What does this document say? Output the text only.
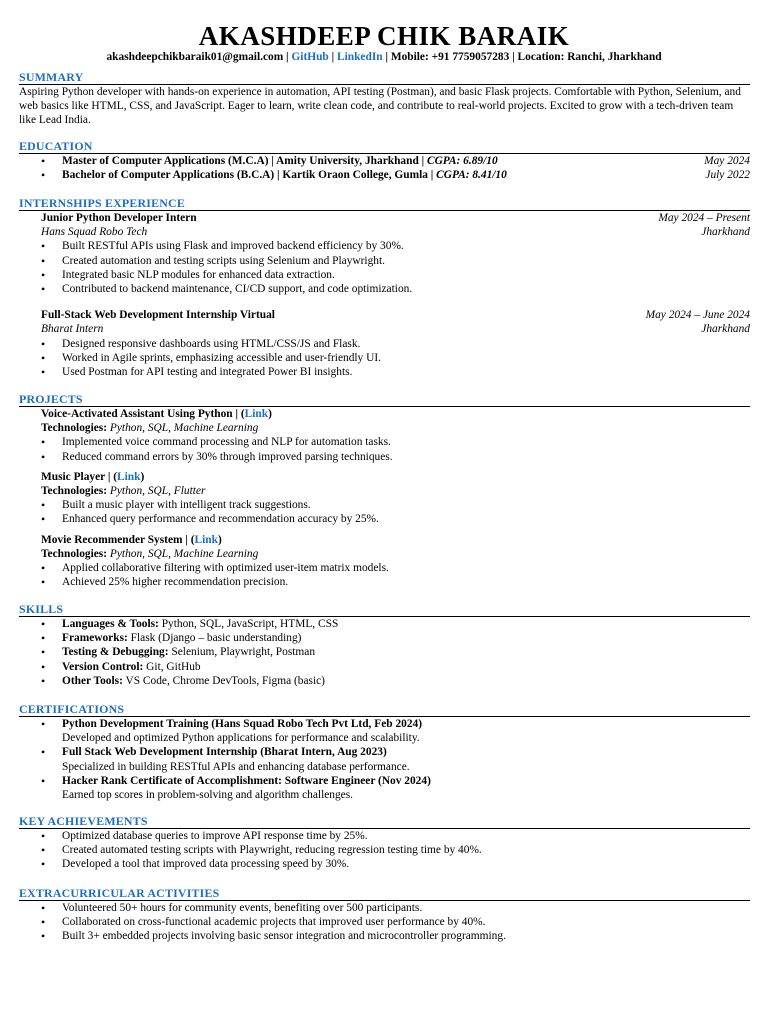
AKASHDEEP CHIK BARAIK
akashdeepchikbaraik01@gmail.com | GitHub | LinkedIn | Mobile: +91 7759057283 | Location: Ranchi, Jharkhand
SUMMARY
Aspiring Python developer with hands-on experience in automation, API testing (Postman), and basic Flask projects. Comfortable with Python, Selenium, and web basics like HTML, CSS, and JavaScript. Eager to learn, write clean code, and contribute to real-world projects. Excited to grow with a tech-driven team like Lead India.
EDUCATION
• Master of Computer Applications (M.C.A) | Amity University, Jharkhand | CGPA: 6.89/10	May 2024
• Bachelor of Computer Applications (B.C.A) | Kartik Oraon College, Gumla | CGPA: 8.41/10	July 2022
INTERNSHIPS EXPERIENCE
Junior Python Developer Intern	May 2024 – Present
Hans Squad Robo Tech	Jharkhand
• Built RESTful APIs using Flask and improved backend efficiency by 30%.
• Created automation and testing scripts using Selenium and Playwright.
• Integrated basic NLP modules for enhanced data extraction.
• Contributed to backend maintenance, CI/CD support, and code optimization.
Full-Stack Web Development Internship Virtual	May 2024 – June 2024
Bharat Intern	Jharkhand
• Designed responsive dashboards using HTML/CSS/JS and Flask.
• Worked in Agile sprints, emphasizing accessible and user-friendly UI.
• Used Postman for API testing and integrated Power BI insights.
PROJECTS
Voice-Activated Assistant Using Python | (Link)
Technologies: Python, SQL, Machine Learning
• Implemented voice command processing and NLP for automation tasks.
• Reduced command errors by 30% through improved parsing techniques.
Music Player | (Link)
Technologies: Python, SQL, Flutter
• Built a music player with intelligent track suggestions.
• Enhanced query performance and recommendation accuracy by 25%.
Movie Recommender System | (Link)
Technologies: Python, SQL, Machine Learning
• Applied collaborative filtering with optimized user-item matrix models.
• Achieved 25% higher recommendation precision.
SKILLS
• Languages & Tools: Python, SQL, JavaScript, HTML, CSS
• Frameworks: Flask (Django – basic understanding)
• Testing & Debugging: Selenium, Playwright, Postman
• Version Control: Git, GitHub
• Other Tools: VS Code, Chrome DevTools, Figma (basic)
CERTIFICATIONS
• Python Development Training (Hans Squad Robo Tech Pvt Ltd, Feb 2024)
Developed and optimized Python applications for performance and scalability.
• Full Stack Web Development Internship (Bharat Intern, Aug 2023)
Specialized in building RESTful APIs and enhancing database performance.
• Hacker Rank Certificate of Accomplishment: Software Engineer (Nov 2024)
Earned top scores in problem-solving and algorithm challenges.
KEY ACHIEVEMENTS
• Optimized database queries to improve API response time by 25%.
• Created automated testing scripts with Playwright, reducing regression testing time by 40%.
• Developed a tool that improved data processing speed by 30%.
EXTRACURRICULAR ACTIVITIES
• Volunteered 50+ hours for community events, benefiting over 500 participants.
• Collaborated on cross-functional academic projects that improved user performance by 40%.
• Built 3+ embedded projects involving basic sensor integration and microcontroller programming.
